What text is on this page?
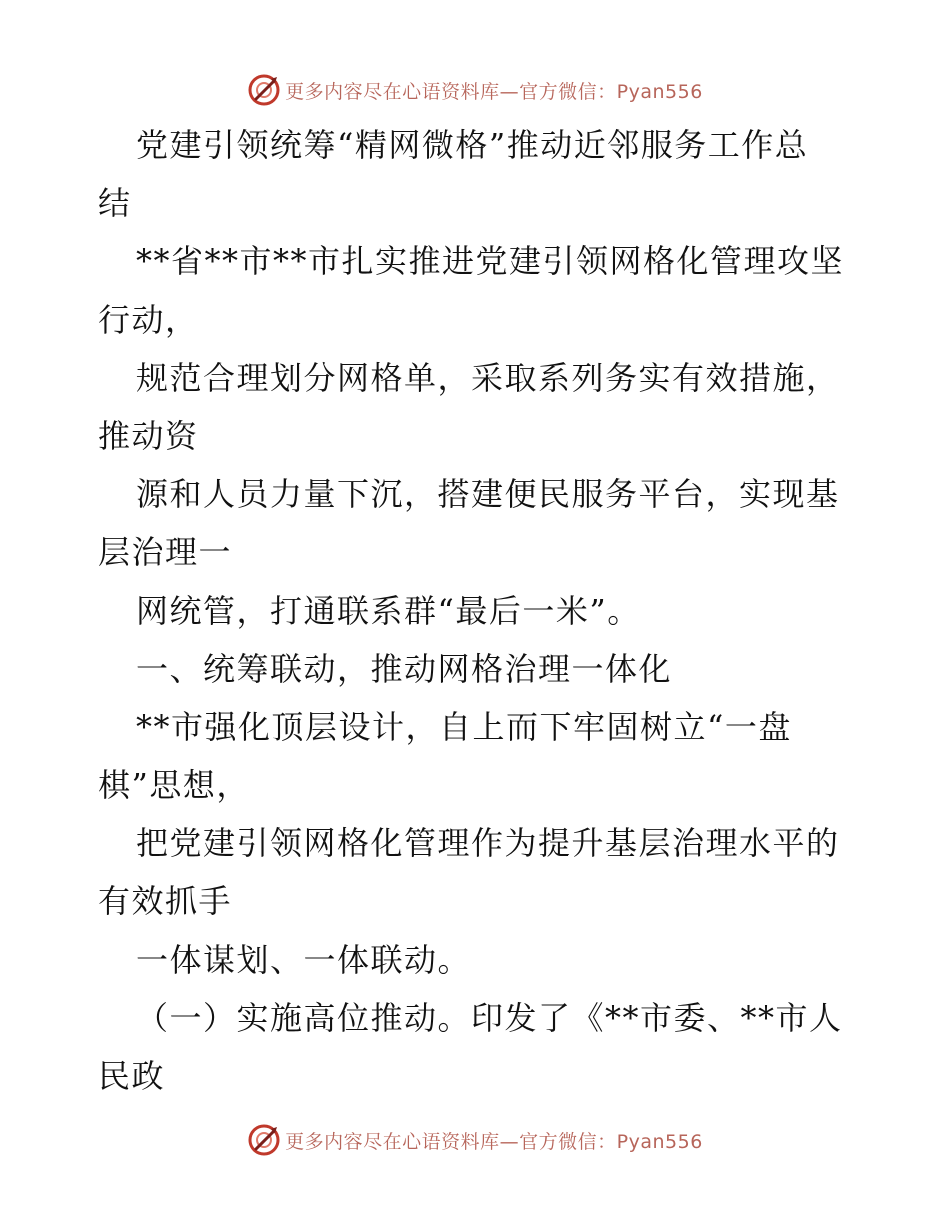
更多内容尽在心语资料库—官方微信：Pyan556
党建引领统筹“精网微格”推动近邻服务工作总
结
**省**市**市扎实推进党建引领网格化管理攻坚
行动，
规范合理划分网格单，采取系列务实有效措施，
推动资
源和人员力量下沉，搭建便民服务平台，实现基
层治理一
网统管，打通联系群“最后一米”。
一、统筹联动，推动网格治理一体化
**市强化顶层设计，自上而下牢固树立“一盘
棋”思想，
把党建引领网格化管理作为提升基层治理水平的
有效抓手
一体谋划、一体联动。
（一）实施高位推动。印发了《**市委、**市人
民政
更多内容尽在心语资料库—官方微信：Pyan556
